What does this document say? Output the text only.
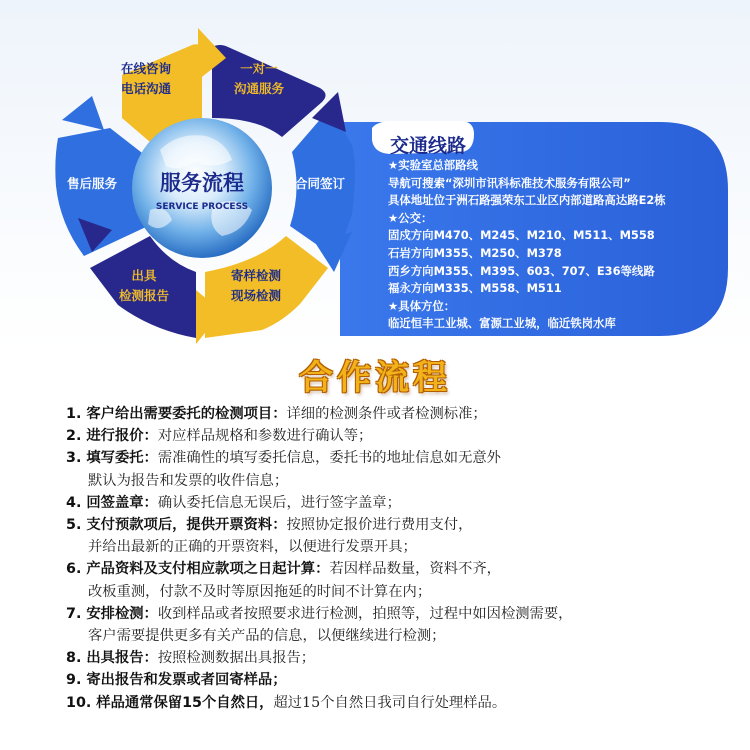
服务流程
SERVICE PROCESS
在线咨询
电话沟通
一对一
沟通服务
合同签订
寄样检测
现场检测
出具
检测报告
售后服务
交通线路
★实验室总部路线
导航可搜索“深圳市讯科标准技术服务有限公司”
具体地址位于洲石路强荣东工业区内部道路高达路E2栋
★公交：
固戍方向M470、M245、M210、M511、M558
石岩方向M355、M250、M378
西乡方向M355、M395、603、707、E36等线路
福永方向M335、M558、M511
★具体方位：
临近恒丰工业城、富源工业城，临近铁岗水库
合作流程
1. 客户给出需要委托的检测项目：详细的检测条件或者检测标准；
2. 进行报价：对应样品规格和参数进行确认等；
3. 填写委托：需准确性的填写委托信息，委托书的地址信息如无意外
默认为报告和发票的收件信息；
4. 回签盖章：确认委托信息无误后，进行签字盖章；
5. 支付预款项后，提供开票资料：按照协定报价进行费用支付，
并给出最新的正确的开票资料，以便进行发票开具；
6. 产品资料及支付相应款项之日起计算：若因样品数量，资料不齐，
改板重测，付款不及时等原因拖延的时间不计算在内；
7. 安排检测：收到样品或者按照要求进行检测，拍照等，过程中如因检测需要，
客户需要提供更多有关产品的信息，以便继续进行检测；
8. 出具报告：按照检测数据出具报告；
9. 寄出报告和发票或者回寄样品；
10. 样品通常保留15个自然日，超过15个自然日我司自行处理样品。
